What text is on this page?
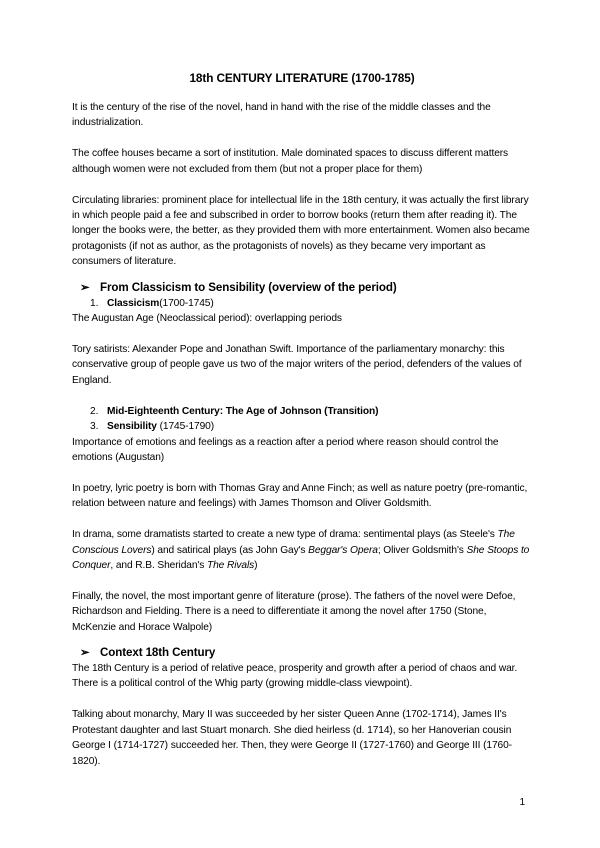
18th CENTURY LITERATURE (1700-1785)

It is the century of the rise of the novel, hand in hand with the rise of the middle classes and the industrialization.

The coffee houses became a sort of institution. Male dominated spaces to discuss different matters although women were not excluded from them (but not a proper place for them)

Circulating libraries: prominent place for intellectual life in the 18th century, it was actually the first library in which people paid a fee and subscribed in order to borrow books (return them after reading it). The longer the books were, the better, as they provided them with more entertainment. Women also became protagonists (if not as author, as the protagonists of novels) as they became very important as consumers of literature.

➢ From Classicism to Sensibility (overview of the period)
1. Classicism(1700-1745)

The Augustan Age (Neoclassical period): overlapping periods

Tory satirists: Alexander Pope and Jonathan Swift. Importance of the parliamentary monarchy: this conservative group of people gave us two of the major writers of the period, defenders of the values of England.

2. Mid-Eighteenth Century: The Age of Johnson (Transition)
3. Sensibility (1745-1790)

Importance of emotions and feelings as a reaction after a period where reason should control the emotions (Augustan)

In poetry, lyric poetry is born with Thomas Gray and Anne Finch; as well as nature poetry (pre-romantic, relation between nature and feelings) with James Thomson and Oliver Goldsmith.

In drama, some dramatists started to create a new type of drama: sentimental plays (as Steele's The Conscious Lovers) and satirical plays (as John Gay's Beggar's Opera; Oliver Goldsmith's She Stoops to Conquer, and R.B. Sheridan's The Rivals)

Finally, the novel, the most important genre of literature (prose). The fathers of the novel were Defoe, Richardson and Fielding. There is a need to differentiate it among the novel after 1750 (Stone, McKenzie and Horace Walpole)

➢ Context 18th Century

The 18th Century is a period of relative peace, prosperity and growth after a period of chaos and war. There is a political control of the Whig party (growing middle-class viewpoint).

Talking about monarchy, Mary II was succeeded by her sister Queen Anne (1702-1714), James II's Protestant daughter and last Stuart monarch. She died heirless (d. 1714), so her Hanoverian cousin George I (1714-1727) succeeded her. Then, they were George II (1727-1760) and George III (1760-1820).

1
